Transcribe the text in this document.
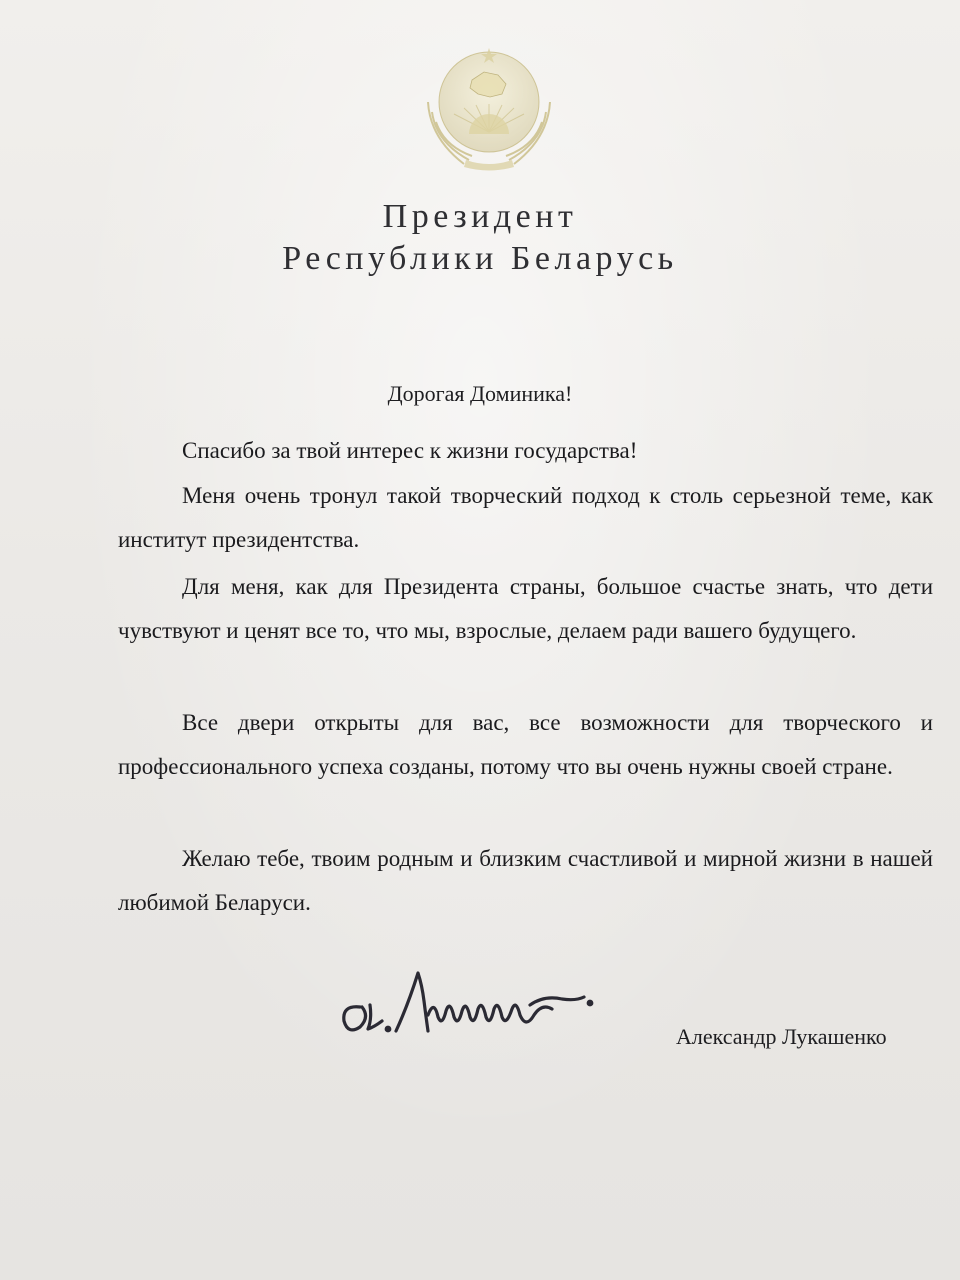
Президент
Республики Беларусь
Дорогая Доминика!

Спасибо за твой интерес к жизни государства!

Меня очень тронул такой творческий подход к столь серьезной теме, как институт президентства.

Для меня, как для Президента страны, большое счастье знать, что дети чувствуют и ценят все то, что мы, взрослые, делаем ради вашего будущего.

Все двери открыты для вас, все возможности для творческого и профессионального успеха созданы, потому что вы очень нужны своей стране.

Желаю тебе, твоим родным и близким счастливой и мирной жизни в нашей любимой Беларуси.

Александр Лукашенко
